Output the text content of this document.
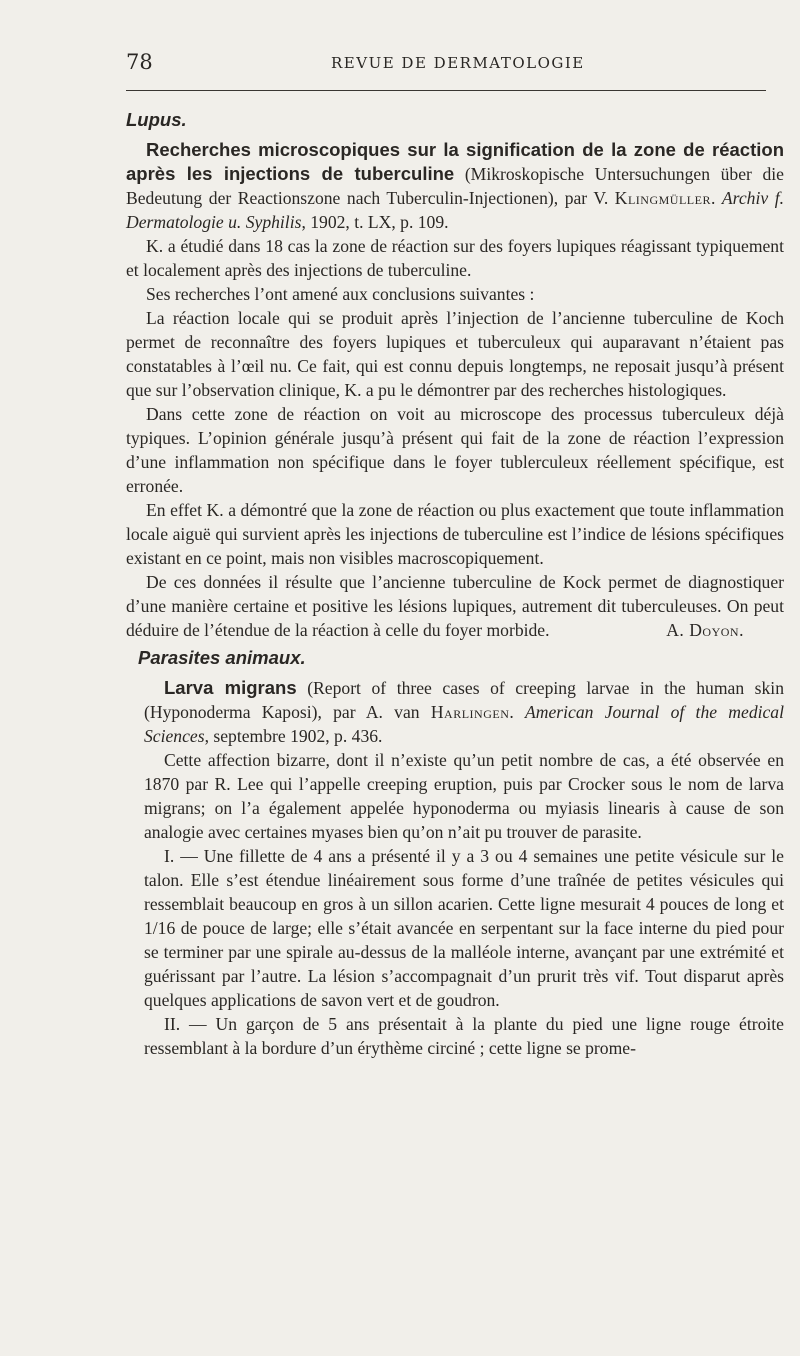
78	REVUE DE DERMATOLOGIE
Lupus.

Recherches microscopiques sur la signification de la zone de réaction après les injections de tuberculine (Mikroskopische Untersuchungen über die Bedeutung der Reactionszone nach Tuberculin-Injectionen), par V. Klingmüller. Archiv f. Dermatologie u. Syphilis, 1902, t. LX, p. 109.

K. a étudié dans 18 cas la zone de réaction sur des foyers lupiques réagissant typiquement et localement après des injections de tuberculine.

Ses recherches l’ont amené aux conclusions suivantes :

La réaction locale qui se produit après l’injection de l’ancienne tuberculine de Koch permet de reconnaître des foyers lupiques et tuberculeux qui auparavant n’étaient pas constatables à l’œil nu. Ce fait, qui est connu depuis longtemps, ne reposait jusqu’à présent que sur l’observation clinique, K. a pu le démontrer par des recherches histologiques.

Dans cette zone de réaction on voit au microscope des processus tuberculeux déjà typiques. L’opinion générale jusqu’à présent qui fait de la zone de réaction l’expression d’une inflammation non spécifique dans le foyer tublerculeux réellement spécifique, est erronée.

En effet K. a démontré que la zone de réaction ou plus exactement que toute inflammation locale aiguë qui survient après les injections de tuberculine est l’indice de lésions spécifiques existant en ce point, mais non visibles macroscopiquement.

De ces données il résulte que l’ancienne tuberculine de Kock permet de diagnostiquer d’une manière certaine et positive les lésions lupiques, autrement dit tuberculeuses. On peut déduire de l’étendue de la réaction à celle du foyer morbide.	A. Doyon.

Parasites animaux.

Larva migrans (Report of three cases of creeping larvae in the human skin (Hyponoderma Kaposi), par A. van Harlingen. American Journal of the medical Sciences, septembre 1902, p. 436.

Cette affection bizarre, dont il n’existe qu’un petit nombre de cas, a été observée en 1870 par R. Lee qui l’appelle creeping eruption, puis par Crocker sous le nom de larva migrans; on l’a également appelée hyponoderma ou myiasis linearis à cause de son analogie avec certaines myases bien qu’on n’ait pu trouver de parasite.

I. — Une fillette de 4 ans a présenté il y a 3 ou 4 semaines une petite vésicule sur le talon. Elle s’est étendue linéairement sous forme d’une traînée de petites vésicules qui ressemblait beaucoup en gros à un sillon acarien. Cette ligne mesurait 4 pouces de long et 1/16 de pouce de large; elle s’était avancée en serpentant sur la face interne du pied pour se terminer par une spirale au-dessus de la malléole interne, avançant par une extrémité et guérissant par l’autre. La lésion s’accompagnait d’un prurit très vif. Tout disparut après quelques applications de savon vert et de goudron.

II. — Un garçon de 5 ans présentait à la plante du pied une ligne rouge étroite ressemblant à la bordure d’un érythème circiné ; cette ligne se prome-
